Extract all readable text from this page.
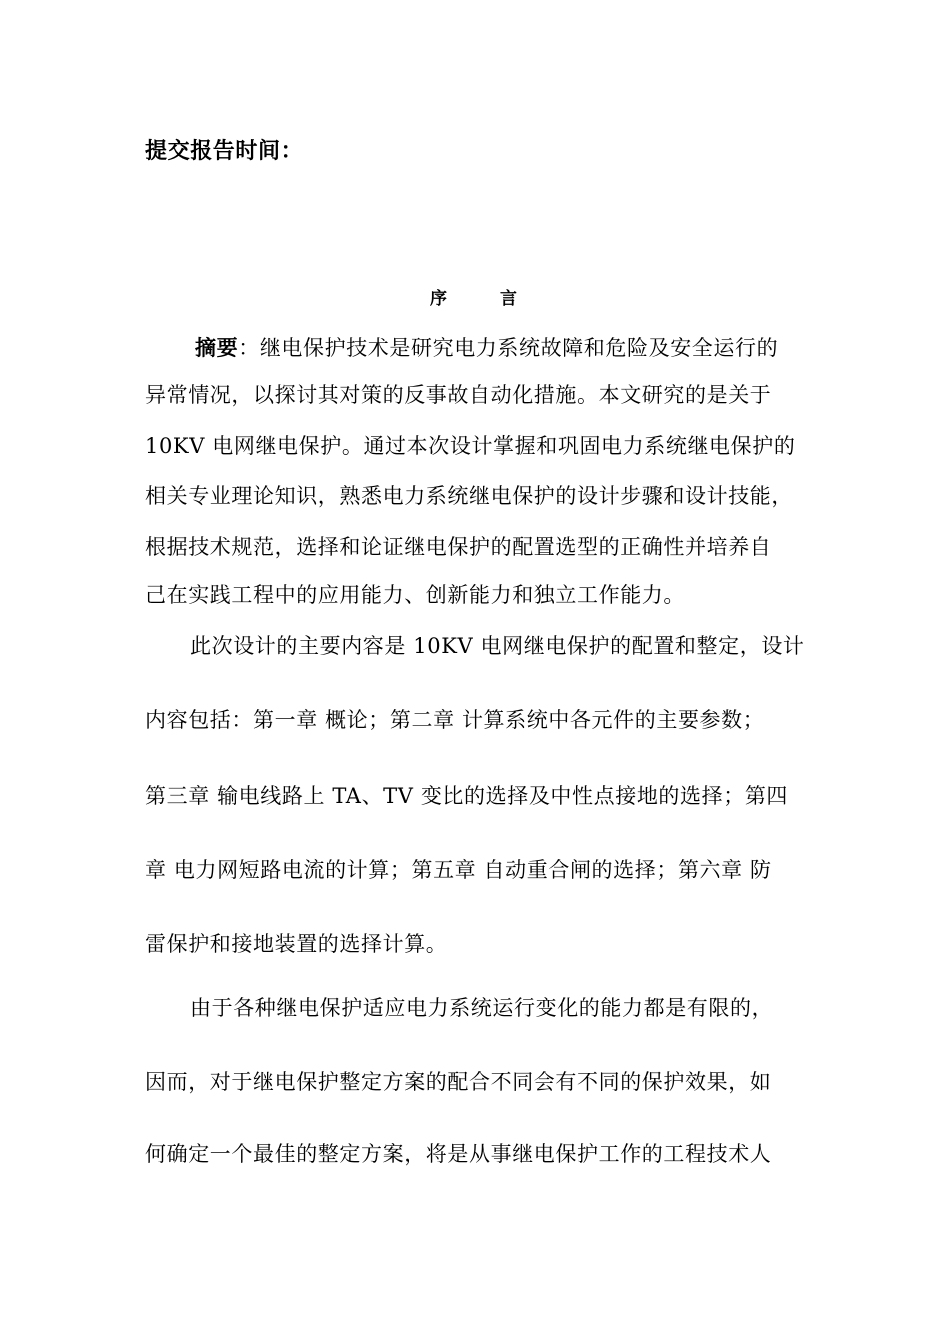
提交报告时间：
序	言
摘要：继电保护技术是研究电力系统故障和危险及安全运行的
异常情况，以探讨其对策的反事故自动化措施。本文研究的是关于
10KV 电网继电保护。通过本次设计掌握和巩固电力系统继电保护的
相关专业理论知识，熟悉电力系统继电保护的设计步骤和设计技能，
根据技术规范，选择和论证继电保护的配置选型的正确性并培养自
己在实践工程中的应用能力、创新能力和独立工作能力。
此次设计的主要内容是 10KV 电网继电保护的配置和整定，设计
内容包括：第一章 概论；第二章 计算系统中各元件的主要参数；
第三章 输电线路上 TA、TV 变比的选择及中性点接地的选择；第四
章 电力网短路电流的计算；第五章 自动重合闸的选择；第六章 防
雷保护和接地装置的选择计算。
由于各种继电保护适应电力系统运行变化的能力都是有限的，
因而，对于继电保护整定方案的配合不同会有不同的保护效果，如
何确定一个最佳的整定方案，将是从事继电保护工作的工程技术人
